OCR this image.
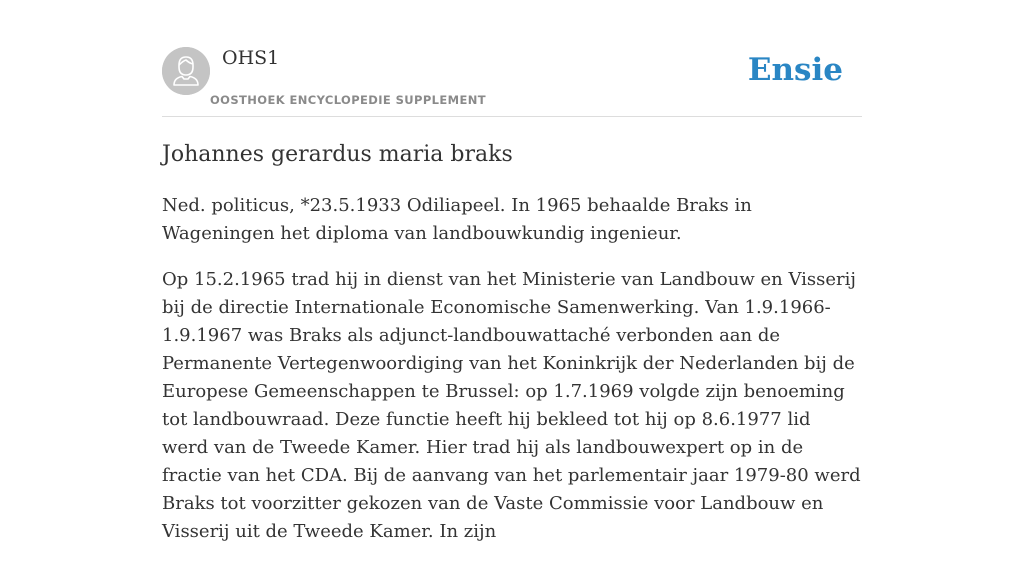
OHS1
OOSTHOEK ENCYCLOPEDIE SUPPLEMENT
Ensie
Johannes gerardus maria braks

Ned. politicus, *23.5.1933 Odiliapeel. In 1965 behaalde Braks in Wageningen het diploma van landbouwkundig ingenieur.

Op 15.2.1965 trad hij in dienst van het Ministerie van Landbouw en Visserij bij de directie Internationale Economische Samenwerking. Van 1.9.1966-1.9.1967 was Braks als adjunct-landbouwattaché verbonden aan de Permanente Vertegenwoordiging van het Koninkrijk der Nederlanden bij de Europese Gemeenschappen te Brussel: op 1.7.1969 volgde zijn benoeming tot landbouwraad. Deze functie heeft hij bekleed tot hij op 8.6.1977 lid werd van de Tweede Kamer. Hier trad hij als landbouwexpert op in de fractie van het CDA. Bij de aanvang van het parlementair jaar 1979-80 werd Braks tot voorzitter gekozen van de Vaste Commissie voor Landbouw en Visserij uit de Tweede Kamer. In zijn
